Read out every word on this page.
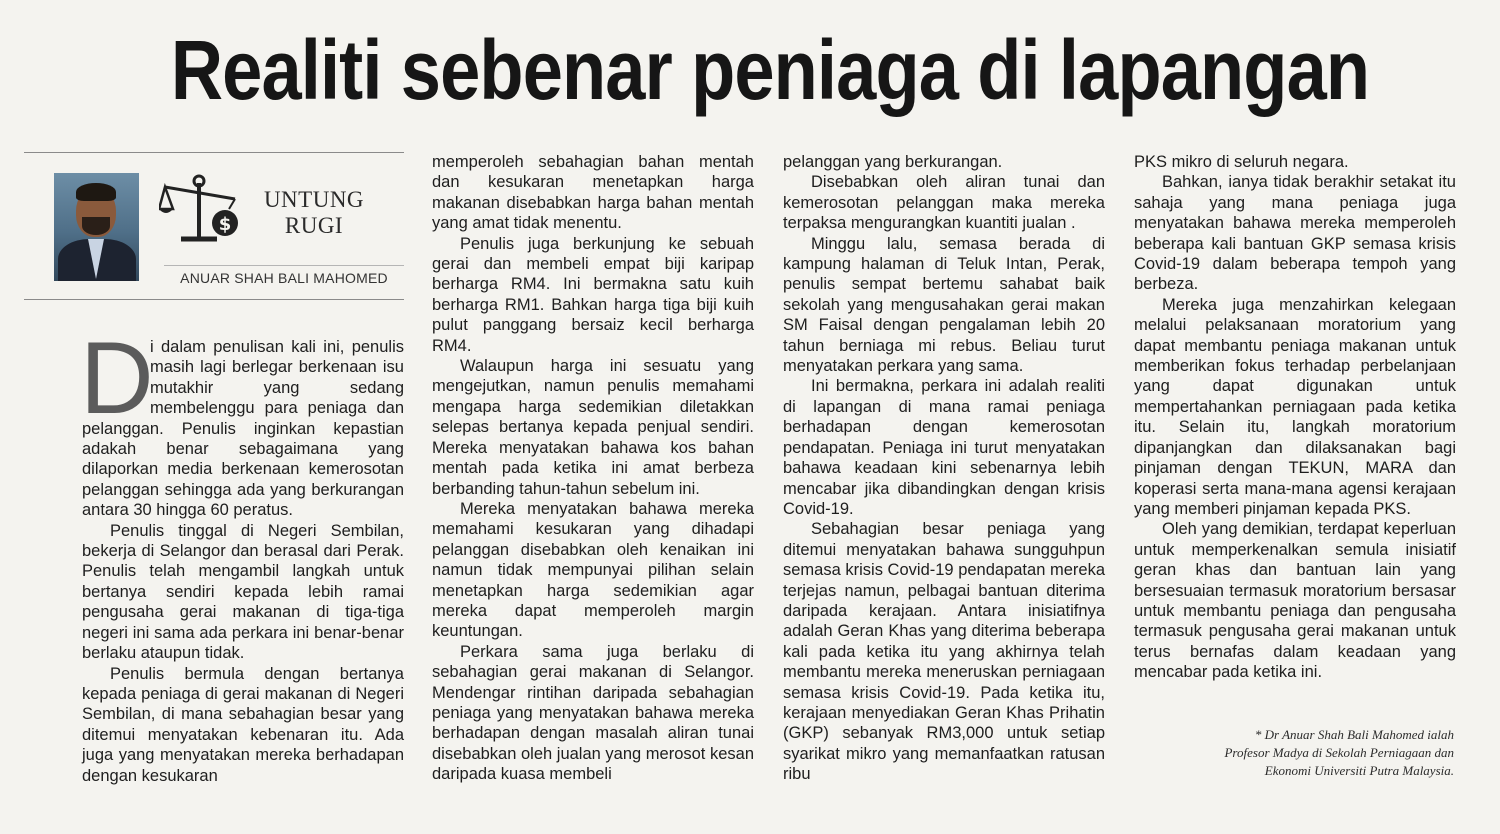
Realiti sebenar peniaga di lapangan
$
UNTUNG
RUGI
ANUAR SHAH BALI MAHOMED
D

i dalam penulisan kali ini, penulis masih lagi berlegar berkenaan isu mutakhir yang sedang membelenggu para peniaga dan pelanggan. Penulis inginkan kepastian adakah benar sebagaimana yang dilaporkan media berkenaan kemerosotan pelanggan sehingga ada yang berkurangan antara 30 hingga 60 peratus.

Penulis tinggal di Negeri Sembilan, bekerja di Selangor dan berasal dari Perak. Penulis telah mengambil langkah untuk bertanya sendiri kepada lebih ramai pengusaha gerai makanan di tiga-tiga negeri ini sama ada perkara ini benar-benar berlaku ataupun tidak.

Penulis bermula dengan bertanya kepada peniaga di gerai makanan di Negeri Sembilan, di mana sebahagian besar yang ditemui menyatakan kebenaran itu. Ada juga yang menyatakan mereka berhadapan dengan kesukaran

memperoleh sebahagian bahan mentah dan kesukaran menetapkan harga makanan disebabkan harga bahan mentah yang amat tidak menentu.

Penulis juga berkunjung ke sebuah gerai dan membeli empat biji karipap berharga RM4. Ini bermakna satu kuih berharga RM1. Bahkan harga tiga biji kuih pulut panggang bersaiz kecil berharga RM4.

Walaupun harga ini sesuatu yang mengejutkan, namun penulis memahami mengapa harga sedemikian diletakkan selepas bertanya kepada penjual sendiri. Mereka menyatakan bahawa kos bahan mentah pada ketika ini amat berbeza berbanding tahun-tahun sebelum ini.

Mereka menyatakan bahawa mereka memahami kesukaran yang dihadapi pelanggan disebabkan oleh kenaikan ini namun tidak mempunyai pilihan selain menetapkan harga sedemikian agar mereka dapat memperoleh margin keuntungan.

Perkara sama juga berlaku di sebahagian gerai makanan di Selangor. Mendengar rintihan daripada sebahagian peniaga yang menyatakan bahawa mereka berhadapan dengan masalah aliran tunai disebabkan oleh jualan yang merosot kesan daripada kuasa membeli

pelanggan yang berkurangan.

Disebabkan oleh aliran tunai dan kemerosotan pelanggan maka mereka terpaksa mengurangkan kuantiti jualan .

Minggu lalu, semasa berada di kampung halaman di Teluk Intan, Perak, penulis sempat bertemu sahabat baik sekolah yang mengusahakan gerai makan SM Faisal dengan pengalaman lebih 20 tahun berniaga mi rebus. Beliau turut menyatakan perkara yang sama.

Ini bermakna, perkara ini adalah realiti di lapangan di mana ramai peniaga berhadapan dengan kemerosotan pendapatan. Peniaga ini turut menyatakan bahawa keadaan kini sebenarnya lebih mencabar jika dibandingkan dengan krisis Covid-19.

Sebahagian besar peniaga yang ditemui menyatakan bahawa sungguhpun semasa krisis Covid-19 pendapatan mereka terjejas namun, pelbagai bantuan diterima daripada kerajaan. Antara inisiatifnya adalah Geran Khas yang diterima beberapa kali pada ketika itu yang akhirnya telah membantu mereka meneruskan perniagaan semasa krisis Covid-19. Pada ketika itu, kerajaan menyediakan Geran Khas Prihatin (GKP) sebanyak RM3,000 untuk setiap syarikat mikro yang memanfaatkan ratusan ribu

PKS mikro di seluruh negara.

Bahkan, ianya tidak berakhir setakat itu sahaja yang mana peniaga juga menyatakan bahawa mereka memperoleh beberapa kali bantuan GKP semasa krisis Covid-19 dalam beberapa tempoh yang berbeza.

Mereka juga menzahirkan kelegaan melalui pelaksanaan moratorium yang dapat membantu peniaga makanan untuk memberikan fokus terhadap perbelanjaan yang dapat digunakan untuk mempertahankan perniagaan pada ketika itu. Selain itu, langkah moratorium dipanjangkan dan dilaksanakan bagi pinjaman dengan TEKUN, MARA dan koperasi serta mana-mana agensi kerajaan yang memberi pinjaman kepada PKS.

Oleh yang demikian, terdapat keperluan untuk memperkenalkan semula inisiatif geran khas dan bantuan lain yang bersesuaian termasuk moratorium bersasar untuk membantu peniaga dan pengusaha termasuk pengusaha gerai makanan untuk terus bernafas dalam keadaan yang mencabar pada ketika ini.

* Dr Anuar Shah Bali Mahomed ialah
Profesor Madya di Sekolah Perniagaan dan
Ekonomi Universiti Putra Malaysia.
